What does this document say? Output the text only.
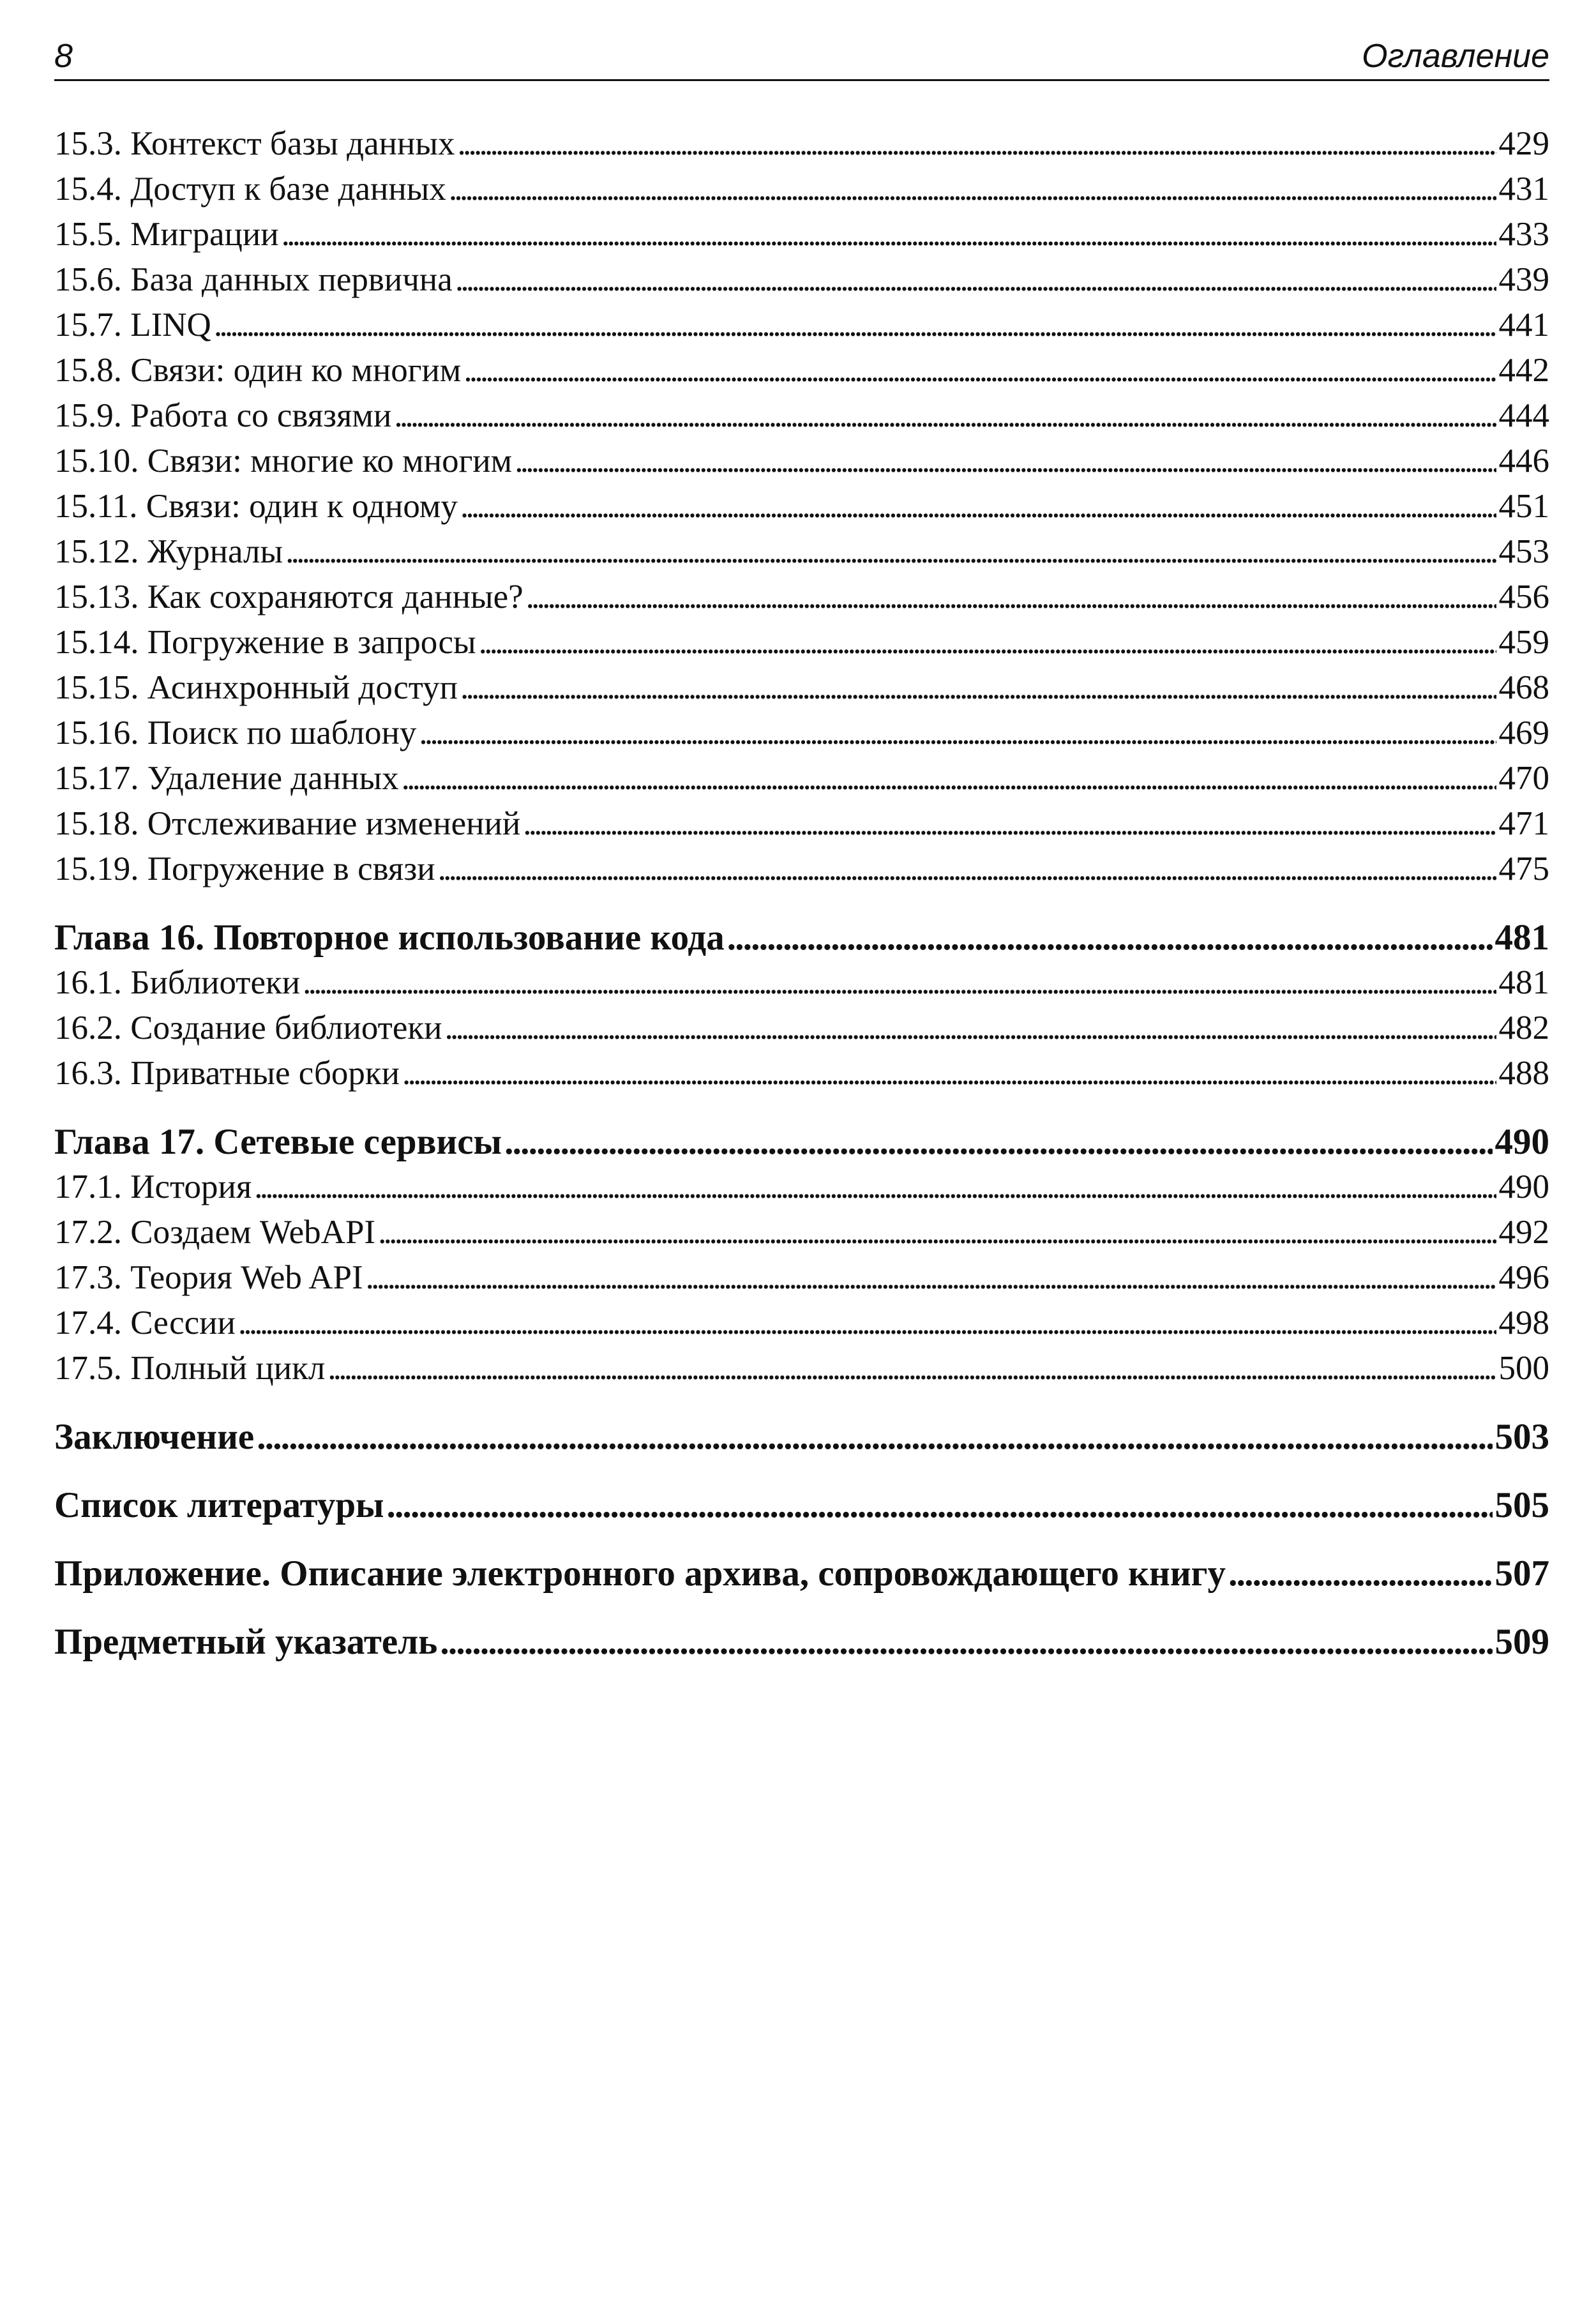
8	Оглавление
15.3. Контекст базы данных . . .	429
15.4. Доступ к базе данных . . .	431
15.5. Миграции . . .	433
15.6. База данных первична . . .	439
15.7. LINQ . . .	441
15.8. Связи: один ко многим . . .	442
15.9. Работа со связями . . .	444
15.10. Связи: многие ко многим . . .	446
15.11. Связи: один к одному . . .	451
15.12. Журналы . . .	453
15.13. Как сохраняются данные? . . .	456
15.14. Погружение в запросы . . .	459
15.15. Асинхронный доступ . . .	468
15.16. Поиск по шаблону . . .	469
15.17. Удаление данных . . .	470
15.18. Отслеживание изменений . . .	471
15.19. Погружение в связи . . .	475
Глава 16. Повторное использование кода . . .	481
16.1. Библиотеки . . .	481
16.2. Создание библиотеки . . .	482
16.3. Приватные сборки . . .	488
Глава 17. Сетевые сервисы . . .	490
17.1. История . . .	490
17.2. Создаем WebAPI . . .	492
17.3. Теория Web API . . .	496
17.4. Сессии . . .	498
17.5. Полный цикл . . .	500
Заключение . . .	503
Список литературы . . .	505
Приложение. Описание электронного архива, сопровождающего книгу . . .	507
Предметный указатель . . .	509
